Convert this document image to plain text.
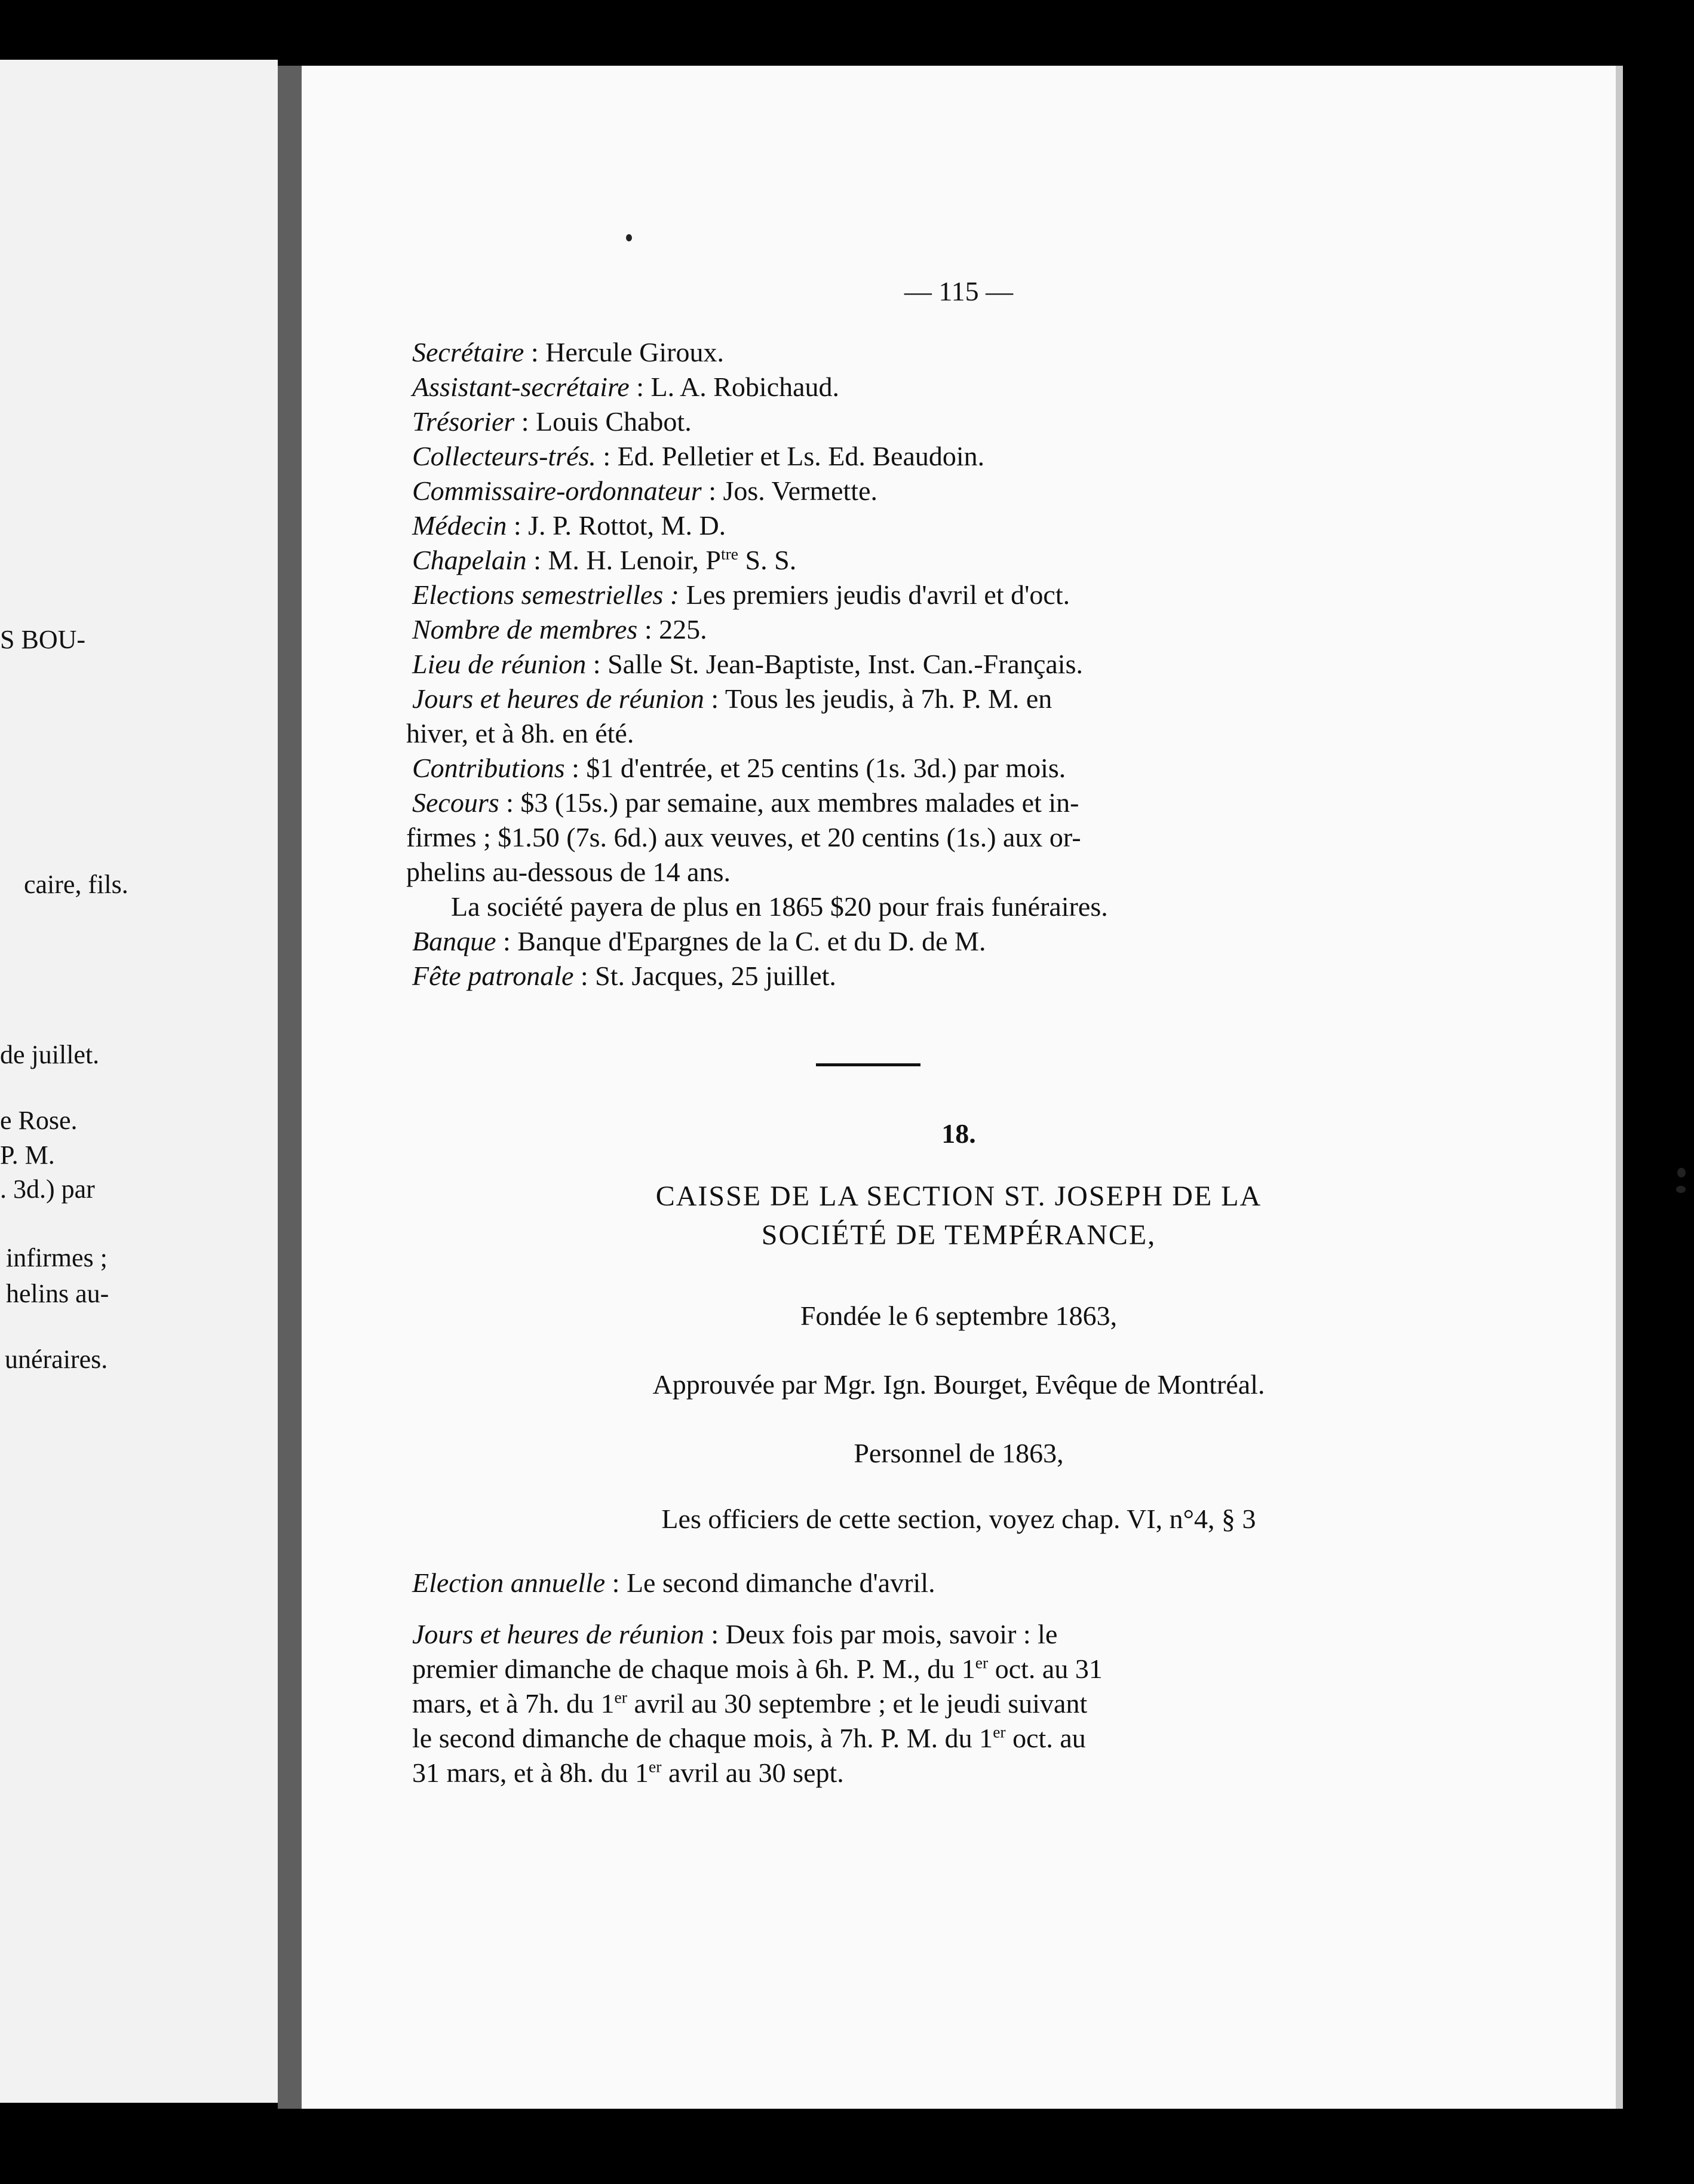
S BOU-
caire, fils.
de juillet.
e Rose.
P. M.
. 3d.) par
infirmes ;
helins au-
unéraires.
— 115 —
Secrétaire : Hercule Giroux.
Assistant-secrétaire : L. A. Robichaud.
Trésorier : Louis Chabot.
Collecteurs-trés. : Ed. Pelletier et Ls. Ed. Beaudoin.
Commissaire-ordonnateur : Jos. Vermette.
Médecin : J. P. Rottot, M. D.
Chapelain : M. H. Lenoir, $P^{tre}$ S. S.
Elections semestrielles : Les premiers jeudis d'avril et d'oct.
Nombre de membres : 225.
Lieu de réunion : Salle St. Jean-Baptiste, Inst. Can.-Français.
Jours et heures de réunion : Tous les jeudis, à 7h. P. M. en
hiver, et à 8h. en été.
Contributions : $1 d'entrée, et 25 centins (1s. 3d.) par mois.
Secours : $3 (15s.) par semaine, aux membres malades et in-
firmes ; $1.50 (7s. 6d.) aux veuves, et 20 centins (1s.) aux or-
phelins au-dessous de 14 ans.
La société payera de plus en 1865 $20 pour frais funéraires.
Banque : Banque d'Epargnes de la C. et du D. de M.
Fête patronale : St. Jacques, 25 juillet.
18.
CAISSE DE LA SECTION ST. JOSEPH DE LA
SOCIÉTÉ DE TEMPÉRANCE,
Fondée le 6 septembre 1863,
Approuvée par Mgr. Ign. Bourget, Evêque de Montréal.
Personnel de 1863,
Les officiers de cette section, voyez chap. VI, n°4, § 3
Election annuelle : Le second dimanche d'avril.
Jours et heures de réunion : Deux fois par mois, savoir : le
premier dimanche de chaque mois à 6h. P. M., du 1er oct. au 31
mars, et à 7h. du 1er avril au 30 septembre ; et le jeudi suivant
le second dimanche de chaque mois, à 7h. P. M. du 1er oct. au
31 mars, et à 8h. du 1er avril au 30 sept.
